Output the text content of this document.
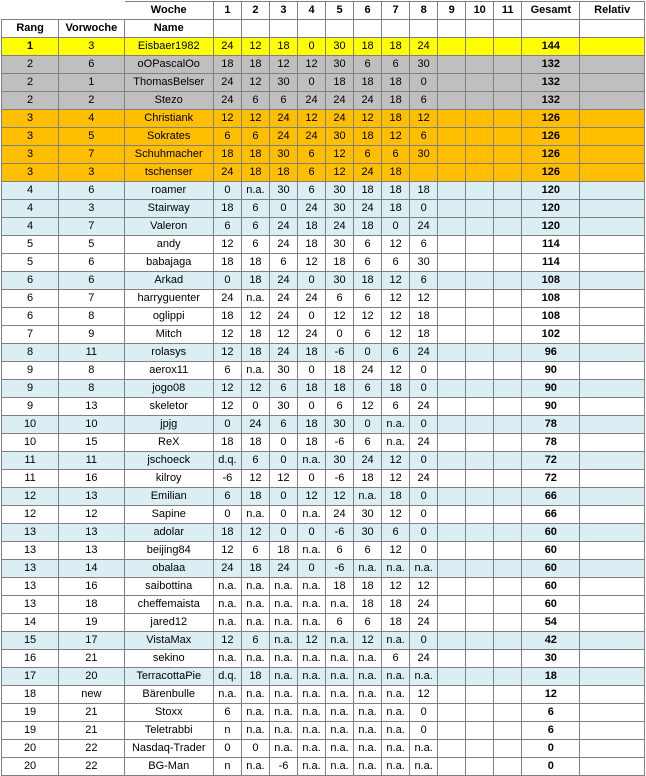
		Woche	1	2	3	4	5	6	7	8	9	10	11	Gesamt	Relativ
Rang	Vorwoche	Name													
1	3	Eisbaer1982	24	12	18	0	30	18	18	24				144	
2	6	oOPascalOo	18	18	12	12	30	6	6	30				132	
2	1	ThomasBelser	24	12	30	0	18	18	18	0				132	
2	2	Stezo	24	6	6	24	24	24	18	6				132	
3	4	Christiank	12	12	24	12	24	12	18	12				126	
3	5	Sokrates	6	6	24	24	30	18	12	6				126	
3	7	Schuhmacher	18	18	30	6	12	6	6	30				126	
3	3	tschenser	24	18	18	6	12	24	18					126	
4	6	roamer	0	n.a.	30	6	30	18	18	18				120	
4	3	Stairway	18	6	0	24	30	24	18	0				120	
4	7	Valeron	6	6	24	18	24	18	0	24				120	
5	5	andy	12	6	24	18	30	6	12	6				114	
5	6	babajaga	18	18	6	12	18	6	6	30				114	
6	6	Arkad	0	18	24	0	30	18	12	6				108	
6	7	harryguenter	24	n.a.	24	24	6	6	12	12				108	
6	8	oglippi	18	12	24	0	12	12	12	18				108	
7	9	Mitch	12	18	12	24	0	6	12	18				102	
8	11	rolasys	12	18	24	18	-6	0	6	24				96	
9	8	aerox11	6	n.a.	30	0	18	24	12	0				90	
9	8	jogo08	12	12	6	18	18	6	18	0				90	
9	13	skeletor	12	0	30	0	6	12	6	24				90	
10	10	jpjg	0	24	6	18	30	0	n.a.	0				78	
10	15	ReX	18	18	0	18	-6	6	n.a.	24				78	
11	11	jschoeck	d.q.	6	0	n.a.	30	24	12	0				72	
11	16	kilroy	-6	12	12	0	-6	18	12	24				72	
12	13	Emilian	6	18	0	12	12	n.a.	18	0				66	
12	12	Sapine	0	n.a.	0	n.a.	24	30	12	0				66	
13	13	adolar	18	12	0	0	-6	30	6	0				60	
13	13	beijing84	12	6	18	n.a.	6	6	12	0				60	
13	14	obalaa	24	18	24	0	-6	n.a.	n.a.	n.a.				60	
13	16	saibottina	n.a.	n.a.	n.a.	n.a.	18	18	12	12				60	
13	18	cheffemaista	n.a.	n.a.	n.a.	n.a.	n.a.	18	18	24				60	
14	19	jared12	n.a.	n.a.	n.a.	n.a.	6	6	18	24				54	
15	17	VistaMax	12	6	n.a.	12	n.a.	12	n.a.	0				42	
16	21	sekino	n.a.	n.a.	n.a.	n.a.	n.a.	n.a.	6	24				30	
17	20	TerracottaPie	d.q.	18	n.a.	n.a.	n.a.	n.a.	n.a.	n.a.				18	
18	new	Bärenbulle	n.a.	n.a.	n.a.	n.a.	n.a.	n.a.	n.a.	12				12	
19	21	Stoxx	6	n.a.	n.a.	n.a.	n.a.	n.a.	n.a.	0				6	
19	21	Teletrabbi	n	n.a.	n.a.	n.a.	n.a.	n.a.	n.a.	0				6	
20	22	Nasdaq-Trader	0	0	n.a.	n.a.	n.a.	n.a.	n.a.	n.a.				0	
20	22	BG-Man	n	n.a.	-6	n.a.	n.a.	n.a.	n.a.	n.a.				0	
